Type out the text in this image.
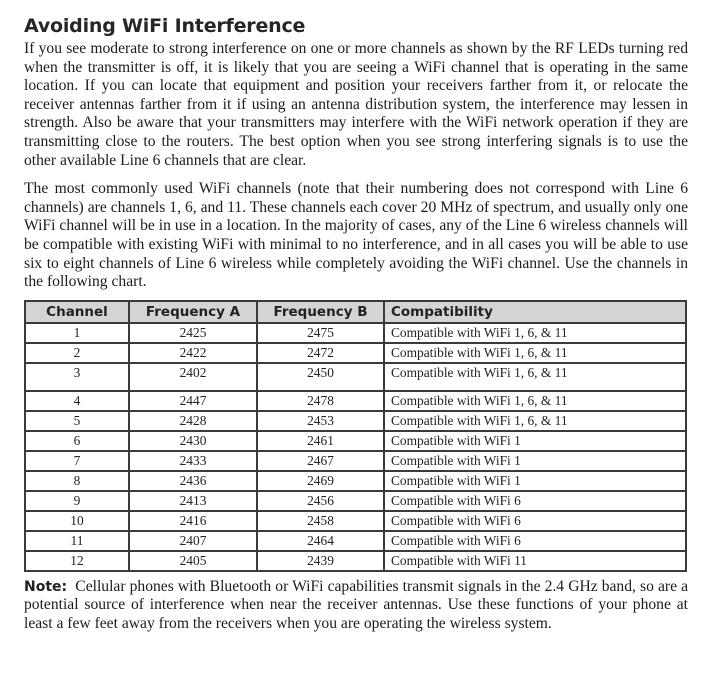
Avoiding WiFi Interference

If you see moderate to strong interference on one or more channels as shown by the RF LEDs turning red when the transmitter is off, it is likely that you are seeing a WiFi channel that is operating in the same location. If you can locate that equipment and position your receivers farther from it, or relocate the receiver antennas farther from it if using an antenna distribution system, the interference may lessen in strength. Also be aware that your transmitters may interfere with the WiFi network operation if they are transmitting close to the routers. The best option when you see strong interfering signals is to use the other available Line 6 channels that are clear.

The most commonly used WiFi channels (note that their numbering does not correspond with Line 6 channels) are channels 1, 6, and 11. These channels each cover 20 MHz of spectrum, and usually only one WiFi channel will be in use in a location. In the majority of cases, any of the Line 6 wireless channels will be compatible with existing WiFi with minimal to no interference, and in all cases you will be able to use six to eight channels of Line 6 wireless while completely avoiding the WiFi channel. Use the channels in the following chart.

Channel	Frequency A	Frequency B	Compatibility
1	2425	2475	Compatible with WiFi 1, 6, & 11
2	2422	2472	Compatible with WiFi 1, 6, & 11
3	2402	2450	Compatible with WiFi 1, 6, & 11
4	2447	2478	Compatible with WiFi 1, 6, & 11
5	2428	2453	Compatible with WiFi 1, 6, & 11
6	2430	2461	Compatible with WiFi 1
7	2433	2467	Compatible with WiFi 1
8	2436	2469	Compatible with WiFi 1
9	2413	2456	Compatible with WiFi 6
10	2416	2458	Compatible with WiFi 6
11	2407	2464	Compatible with WiFi 6
12	2405	2439	Compatible with WiFi 11

Note: Cellular phones with Bluetooth or WiFi capabilities transmit signals in the 2.4 GHz band, so are a potential source of interference when near the receiver antennas. Use these functions of your phone at least a few feet away from the receivers when you are operating the wireless system.
